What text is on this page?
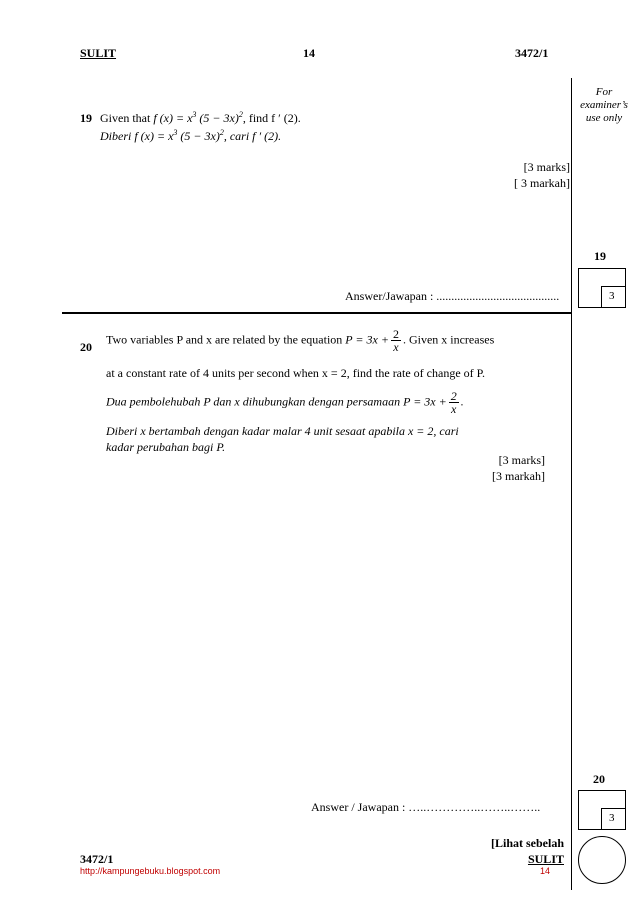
SULIT	14	3472/1
For
examiner’s
use only
19 Given that f $(x) = x^3$ $(5 - 3x)^2$, find f ′ (2).
Diberi f $(x) = x^3$ $(5 - 3x)^2$, cari f ′ (2).
[3 marks]
[ 3 markah]
Answer/Jawapan : .........................................
19
3
20
Two variables P and x are related by the equation $P = 3x + \frac{2}{x}$ . Given x increases
at a constant rate of 4 units per second when x = 2, find the rate of change of P.
Dua pembolehubah P dan x dihubungkan dengan persamaan $P = 3x + \frac{2}{x}$ .
Diberi x bertambah dengan kadar malar 4 unit sesaat apabila x = 2, cari
kadar perubahan bagi P.
[3 marks]
[3 markah]
Answer / Jawapan : …..…………..……..……..
20
3
[Lihat sebelah
3472/1	SULIT
http://kampungebuku.blogspot.com	14
